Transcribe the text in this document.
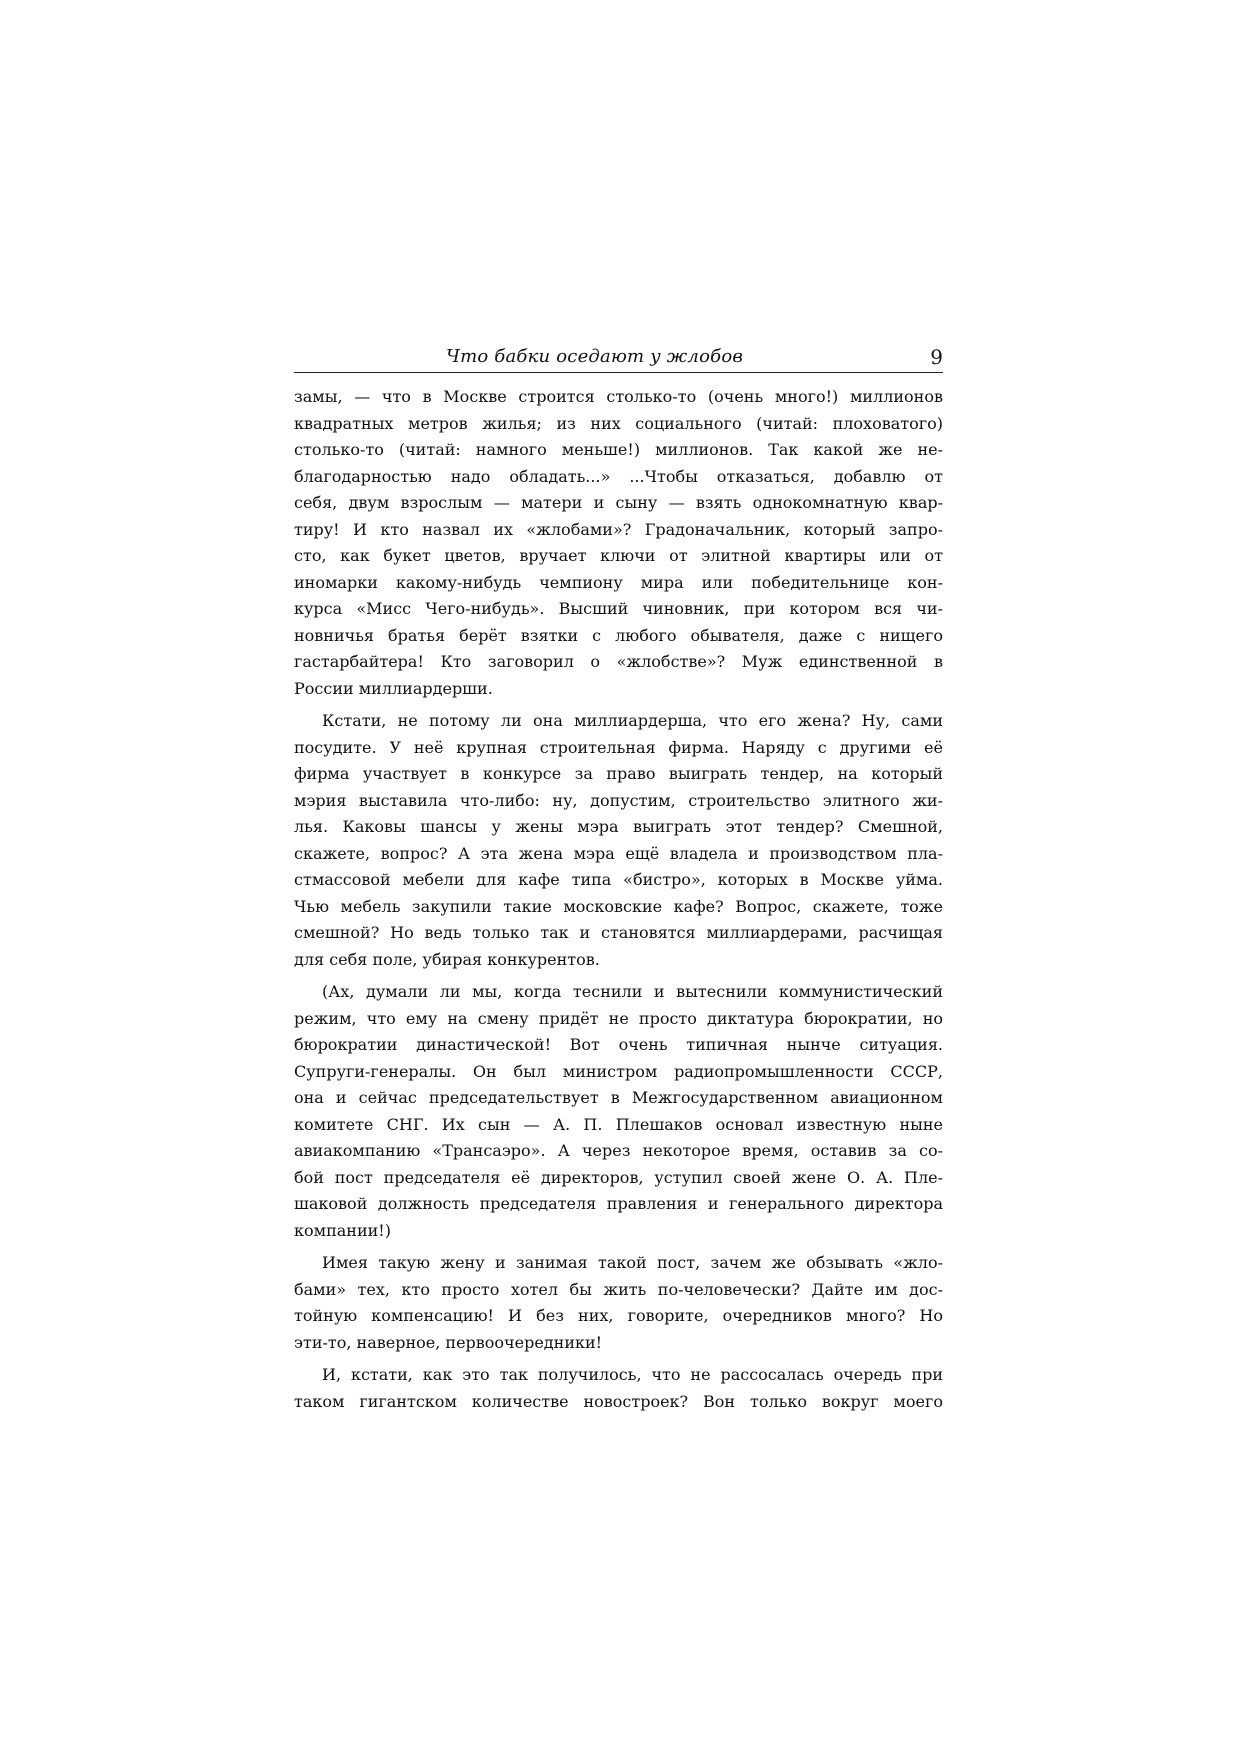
Что бабки оседают у жлобов	9
замы, — что в Москве строится столько-то (очень много!) миллионов
квадратных метров жилья; из них социального (читай: плоховатого)
столько-то (читай: намного меньше!) миллионов. Так какой же не-
благодарностью надо обладать...» ...Чтобы отказаться, добавлю от
себя, двум взрослым — матери и сыну — взять однокомнатную квар-
тиру! И кто назвал их «жлобами»? Градоначальник, который запро-
сто, как букет цветов, вручает ключи от элитной квартиры или от
иномарки какому-нибудь чемпиону мира или победительнице кон-
курса «Мисс Чего-нибудь». Высший чиновник, при котором вся чи-
новничья братья берёт взятки с любого обывателя, даже с нищего
гастарбайтера! Кто заговорил о «жлобстве»? Муж единственной в
России миллиардерши.
Кстати, не потому ли она миллиардерша, что его жена? Ну, сами
посудите. У неё крупная строительная фирма. Наряду с другими её
фирма участвует в конкурсе за право выиграть тендер, на который
мэрия выставила что-либо: ну, допустим, строительство элитного жи-
лья. Каковы шансы у жены мэра выиграть этот тендер? Смешной,
скажете, вопрос? А эта жена мэра ещё владела и производством пла-
стмассовой мебели для кафе типа «бистро», которых в Москве уйма.
Чью мебель закупили такие московские кафе? Вопрос, скажете, тоже
смешной? Но ведь только так и становятся миллиардерами, расчищая
для себя поле, убирая конкурентов.
(Ах, думали ли мы, когда теснили и вытеснили коммунистический
режим, что ему на смену придёт не просто диктатура бюрократии, но
бюрократии династической! Вот очень типичная нынче ситуация.
Супруги-генералы. Он был министром радиопромышленности СССР,
она и сейчас председательствует в Межгосударственном авиационном
комитете СНГ. Их сын — А. П. Плешаков основал известную ныне
авиакомпанию «Трансаэро». А через некоторое время, оставив за со-
бой пост председателя её директоров, уступил своей жене О. А. Пле-
шаковой должность председателя правления и генерального директора
компании!)
Имея такую жену и занимая такой пост, зачем же обзывать «жло-
бами» тех, кто просто хотел бы жить по-человечески? Дайте им дос-
тойную компенсацию! И без них, говорите, очередников много? Но
эти-то, наверное, первоочередники!
И, кстати, как это так получилось, что не рассосалась очередь при
таком гигантском количестве новостроек? Вон только вокруг моего
